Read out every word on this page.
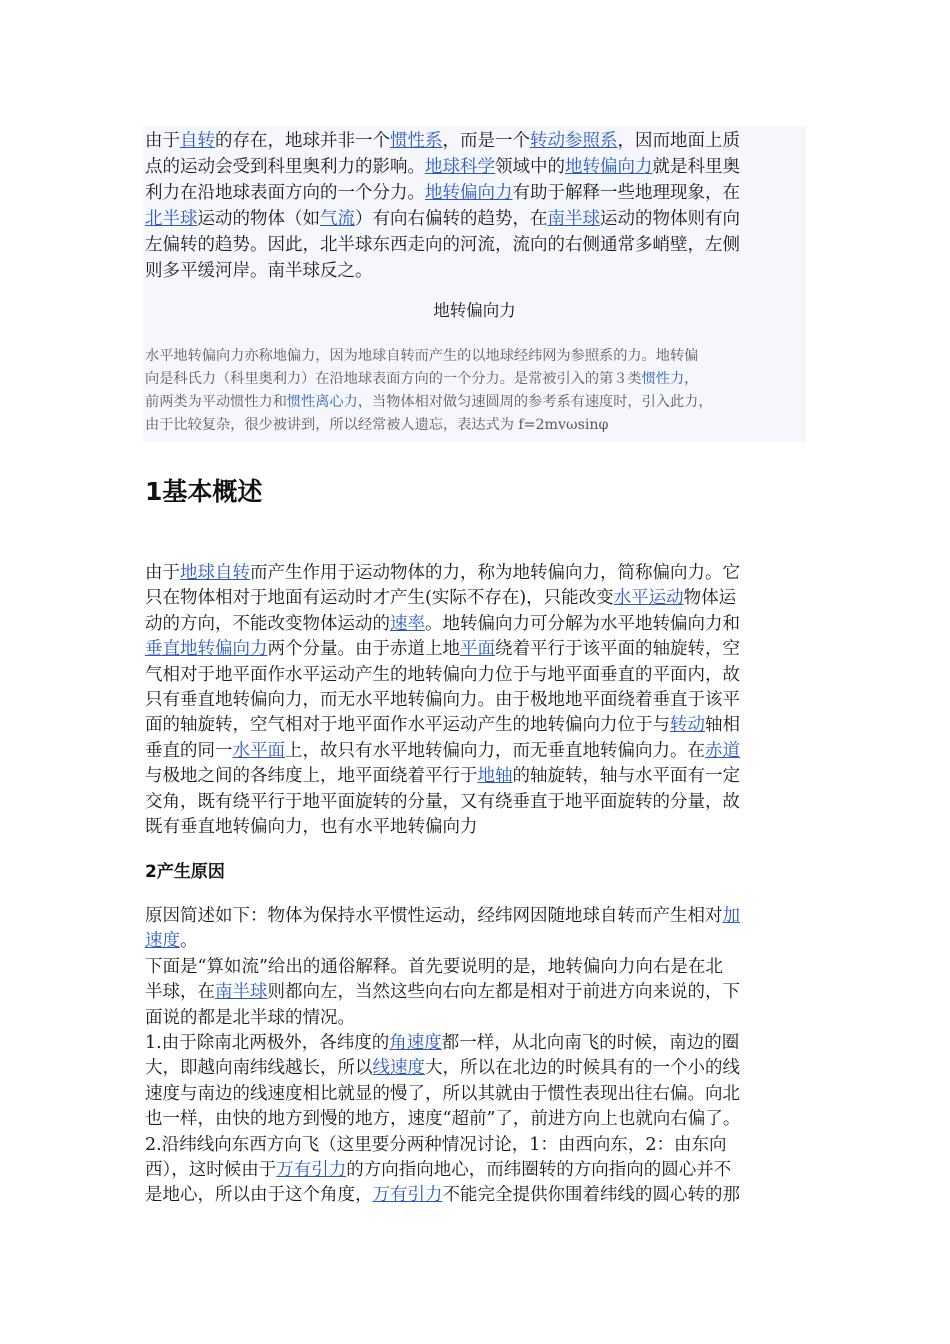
由于自转的存在，地球并非一个惯性系，而是一个转动参照系，因而地面上质
点的运动会受到科里奥利力的影响。地球科学领域中的地转偏向力就是科里奥
利力在沿地球表面方向的一个分力。地转偏向力有助于解释一些地理现象，在
北半球运动的物体（如气流）有向右偏转的趋势，在南半球运动的物体则有向
左偏转的趋势。因此，北半球东西走向的河流，流向的右侧通常多峭壁，左侧
则多平缓河岸。南半球反之。

地转偏向力

水平地转偏向力亦称地偏力，因为地球自转而产生的以地球经纬网为参照系的力。地转偏
向是科氏力（科里奥利力）在沿地球表面方向的一个分力。是常被引入的第３类惯性力，
前两类为平动惯性力和惯性离心力，当物体相对做匀速圆周的参考系有速度时，引入此力，
由于比较复杂，很少被讲到，所以经常被人遗忘，表达式为 f=2mvωsinφ
1基本概述
由于地球自转而产生作用于运动物体的力，称为地转偏向力，简称偏向力。它
只在物体相对于地面有运动时才产生(实际不存在)，只能改变水平运动物体运
动的方向，不能改变物体运动的速率。地转偏向力可分解为水平地转偏向力和
垂直地转偏向力两个分量。由于赤道上地平面绕着平行于该平面的轴旋转，空
气相对于地平面作水平运动产生的地转偏向力位于与地平面垂直的平面内，故
只有垂直地转偏向力，而无水平地转偏向力。由于极地地平面绕着垂直于该平
面的轴旋转，空气相对于地平面作水平运动产生的地转偏向力位于与转动轴相
垂直的同一水平面上，故只有水平地转偏向力，而无垂直地转偏向力。在赤道
与极地之间的各纬度上，地平面绕着平行于地轴的轴旋转，轴与水平面有一定
交角，既有绕平行于地平面旋转的分量，又有绕垂直于地平面旋转的分量，故
既有垂直地转偏向力，也有水平地转偏向力
2产生原因
原因简述如下：物体为保持水平惯性运动，经纬网因随地球自转而产生相对加
速度。
下面是“算如流”给出的通俗解释。首先要说明的是，地转偏向力向右是在北
半球，在南半球则都向左，当然这些向右向左都是相对于前进方向来说的，下
面说的都是北半球的情况。
1.由于除南北两极外，各纬度的角速度都一样，从北向南飞的时候，南边的圈
大，即越向南纬线越长，所以线速度大，所以在北边的时候具有的一个小的线
速度与南边的线速度相比就显的慢了，所以其就由于惯性表现出往右偏。向北
也一样，由快的地方到慢的地方，速度“超前”了，前进方向上也就向右偏了。
2.沿纬线向东西方向飞（这里要分两种情况讨论，1：由西向东，2：由东向
西），这时候由于万有引力的方向指向地心，而纬圈转的方向指向的圆心并不
是地心，所以由于这个角度，万有引力不能完全提供你围着纬线的圆心转的那
